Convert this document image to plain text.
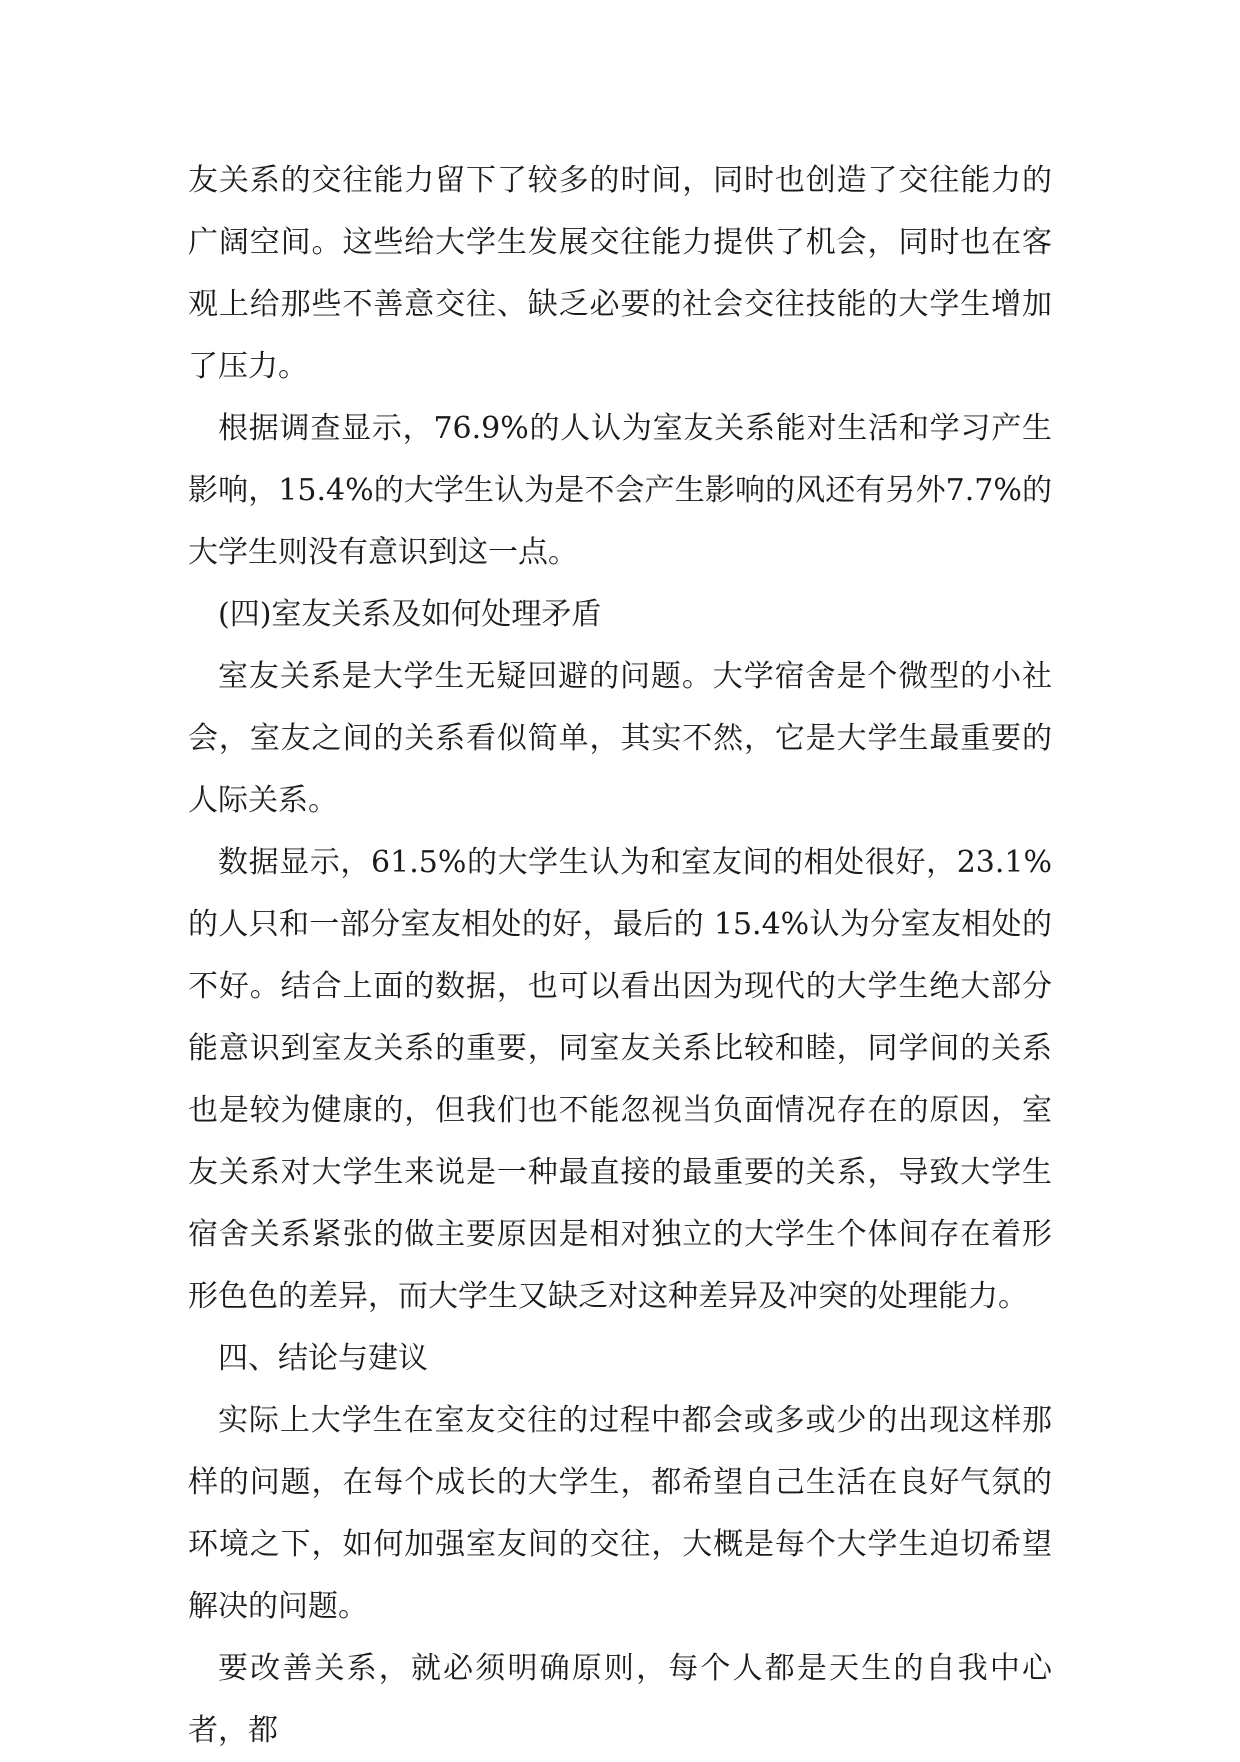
友关系的交往能力留下了较多的时间，同时也创造了交往能力的广阔空间。这些给大学生发展交往能力提供了机会，同时也在客观上给那些不善意交往、缺乏必要的社会交往技能的大学生增加了压力。

根据调查显示，76.9%的人认为室友关系能对生活和学习产生影响，15.4%的大学生认为是不会产生影响的风还有另外7.7%的大学生则没有意识到这一点。

(四)室友关系及如何处理矛盾

室友关系是大学生无疑回避的问题。大学宿舍是个微型的小社会，室友之间的关系看似简单，其实不然，它是大学生最重要的人际关系。

数据显示，61.5%的大学生认为和室友间的相处很好，23.1%的人只和一部分室友相处的好，最后的 15.4%认为分室友相处的不好。结合上面的数据，也可以看出因为现代的大学生绝大部分能意识到室友关系的重要，同室友关系比较和睦，同学间的关系也是较为健康的，但我们也不能忽视当负面情况存在的原因，室友关系对大学生来说是一种最直接的最重要的关系，导致大学生宿舍关系紧张的做主要原因是相对独立的大学生个体间存在着形形色色的差异，而大学生又缺乏对这种差异及冲突的处理能力。

四、结论与建议

实际上大学生在室友交往的过程中都会或多或少的出现这样那样的问题，在每个成长的大学生，都希望自己生活在良好气氛的环境之下，如何加强室友间的交往，大概是每个大学生迫切希望解决的问题。

要改善关系，就必须明确原则，每个人都是天生的自我中心者，都
